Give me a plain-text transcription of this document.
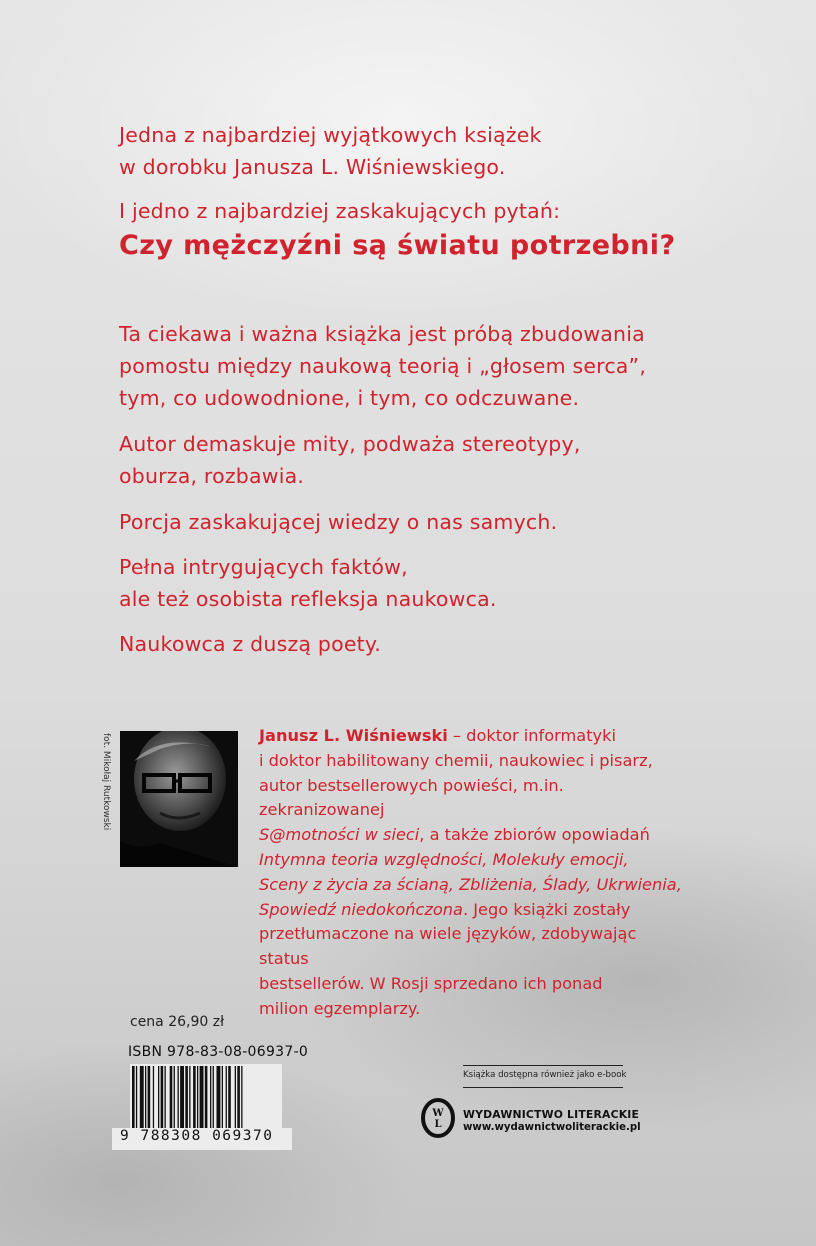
Jedna z najbardziej wyjątkowych książek

w dorobku Janusza L. Wiśniewskiego.

I jedno z najbardziej zaskakujących pytań:

Czy mężczyźni są światu potrzebni?

Ta ciekawa i ważna książka jest próbą zbudowania

pomostu między naukową teorią i „głosem serca”,

tym, co udowodnione, i tym, co odczuwane.

Autor demaskuje mity, podważa stereotypy,

oburza, rozbawia.

Porcja zaskakującej wiedzy o nas samych.

Pełna intrygujących faktów,

ale też osobista refleksja naukowca.

Naukowca z duszą poety.

fot. Mikołaj Rutkowski	Janusz L. Wiśniewski – doktor informatyki
i doktor habilitowany chemii, naukowiec i pisarz,
autor bestsellerowych powieści, m.in. zekranizowanej
S@motności w sieci, a także zbiorów opowiadań
Intymna teoria względności, Molekuły emocji,
Sceny z życia za ścianą, Zbliżenia, Ślady, Ukrwienia,
Spowiedź niedokończona. Jego książki zostały
przetłumaczone na wiele języków, zdobywając status
bestsellerów. W Rosji sprzedano ich ponad
milion egzemplarzy.

cena 26,90 zł
ISBN 978-83-08-06937-0
9 788308 069370
Książka dostępna również jako e-book
W
L
WYDAWNICTWO LITERACKIE
www.wydawnictwoliterackie.pl
